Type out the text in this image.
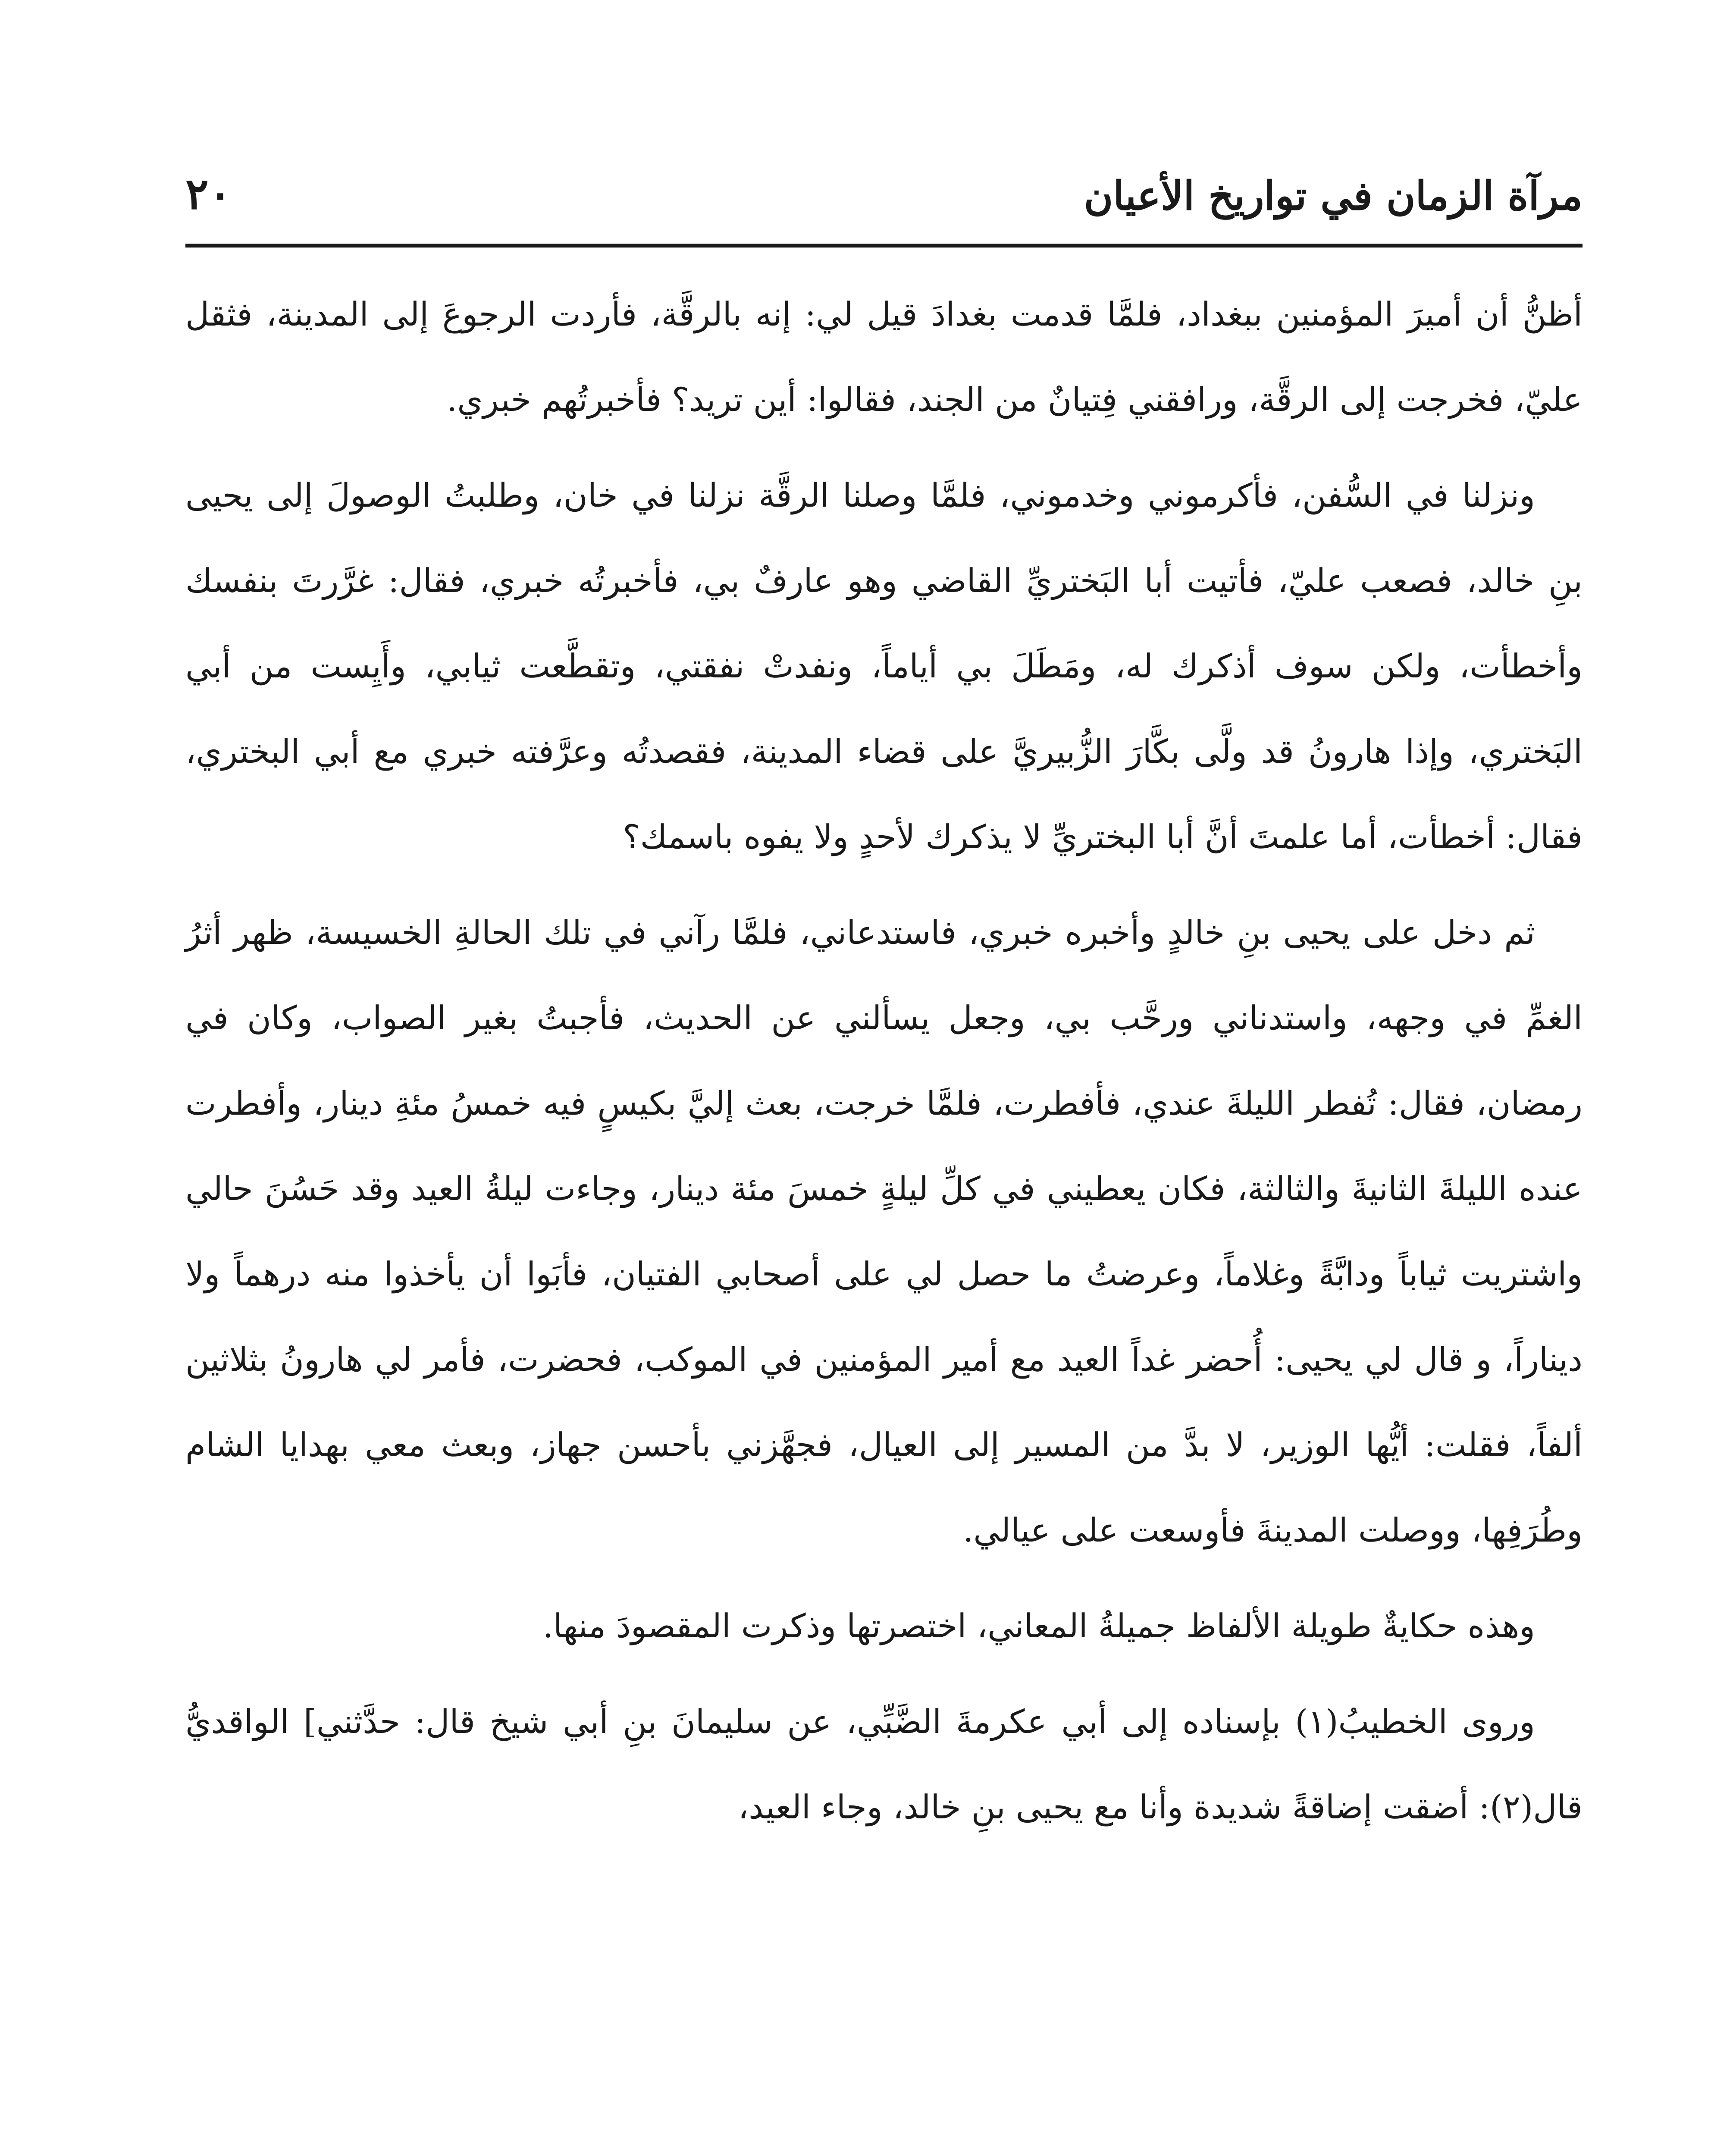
مرآة الزمان في تواريخ الأعيان
٢٠

أظنُّ أن أميرَ المؤمنين ببغداد، فلمَّا قدمت بغدادَ قيل لي: إنه بالرقَّة، فأردت الرجوعَ إلى المدينة، فثقل عليّ، فخرجت إلى الرقَّة، ورافقني فِتيانٌ من الجند، فقالوا: أين تريد؟ فأخبرتُهم خبري.

ونزلنا في السُّفن، فأكرموني وخدموني، فلمَّا وصلنا الرقَّة نزلنا في خان، وطلبتُ الوصولَ إلى يحيى بنِ خالد، فصعب عليّ، فأتيت أبا البَختريِّ القاضي وهو عارفٌ بي، فأخبرتُه خبري، فقال: غرَّرتَ بنفسك وأخطأت، ولكن سوف أذكرك له، ومَطَلَ بي أياماً، ونفدتْ نفقتي، وتقطَّعت ثيابي، وأَيِست من أبي البَختري، وإذا هارونُ قد ولَّى بكَّارَ الزُّبيريَّ على قضاء المدينة، فقصدتُه وعرَّفته خبري مع أبي البختري، فقال: أخطأت، أما علمتَ أنَّ أبا البختريِّ لا يذكرك لأحدٍ ولا يفوه باسمك؟

ثم دخل على يحيى بنِ خالدٍ وأخبره خبري، فاستدعاني، فلمَّا رآني في تلك الحالةِ الخسيسة، ظهر أثرُ الغمِّ في وجهه، واستدناني ورحَّب بي، وجعل يسألني عن الحديث، فأجبتُ بغير الصواب، وكان في رمضان، فقال: تُفطر الليلةَ عندي، فأفطرت، فلمَّا خرجت، بعث إليَّ بكيسٍ فيه خمسُ مئةِ دينار، وأفطرت عنده الليلةَ الثانيةَ والثالثة، فكان يعطيني في كلِّ ليلةٍ خمسَ مئة دينار، وجاءت ليلةُ العيد وقد حَسُنَ حالي واشتريت ثياباً ودابَّةً وغلاماً، وعرضتُ ما حصل لي على أصحابي الفتيان، فأبَوا أن يأخذوا منه درهماً ولا ديناراً، و قال لي يحيى: أُحضر غداً العيد مع أمير المؤمنين في الموكب، فحضرت، فأمر لي هارونُ بثلاثين ألفاً، فقلت: أيُّها الوزير، لا بدَّ من المسير إلى العيال، فجهَّزني بأحسن جهاز، وبعث معي بهدايا الشام وطُرَفِها، ووصلت المدينةَ فأوسعت على عيالي.

وهذه حكايةٌ طويلة الألفاظ جميلةُ المعاني، اختصرتها وذكرت المقصودَ منها.

وروى الخطيبُ(١) بإسناده إلى أبي عكرمةَ الضَّبِّي، عن سليمانَ بنِ أبي شيخ قال: حدَّثني] الواقديُّ قال(٢): أضقت إضاقةً شديدة وأنا مع يحيى بنِ خالد، وجاء العيد،
